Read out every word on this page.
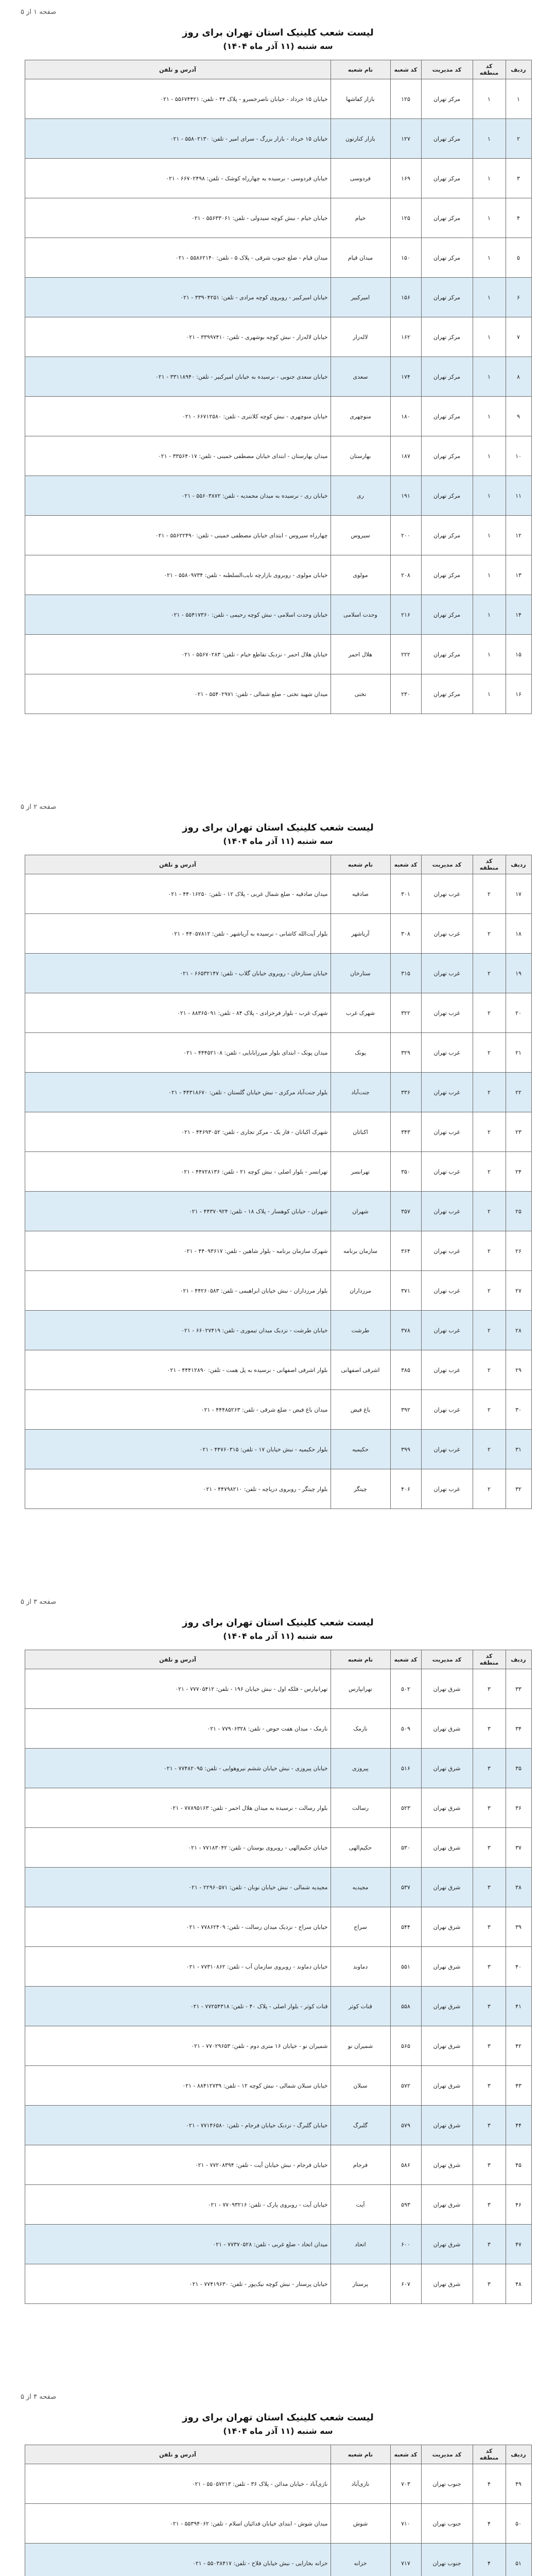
صفحه ۱ از ۵
لیست شعب کلینیک استان تهران برای روز
سه شنبه (۱۱ آذر ماه ۱۴۰۴)
ردیف	کد منطقه	کد مدیریت	کد شعبه	نام شعبه	آدرس و تلفن
۱	۱	مرکز تهران	۱۲۵	بازار کفاشها	خیابان ۱۵ خرداد - خیابان ناصرخسرو - پلاک ۴۴ - تلفن: ۵۵۶۷۴۴۲۱ - ۰۲۱
۲	۱	مرکز تهران	۱۲۷	بازار کنارتون	خیابان ۱۵ خرداد - بازار بزرگ - سرای امیر - تلفن: ۵۵۸۰۲۱۳۰ - ۰۲۱
۳	۱	مرکز تهران	۱۶۹	فردوسی	خیابان فردوسی - نرسیده به چهارراه کوشک - تلفن: ۶۶۷۰۲۴۹۸ - ۰۲۱
۴	۱	مرکز تهران	۱۲۵	خیام	خیابان خیام - نبش کوچه سیدولی - تلفن: ۵۵۶۳۳۰۶۱ - ۰۲۱
۵	۱	مرکز تهران	۱۵۰	میدان قیام	میدان قیام - ضلع جنوب شرقی - پلاک ۵ - تلفن: ۵۵۸۶۲۱۴۰ - ۰۲۱
۶	۱	مرکز تهران	۱۵۶	امیرکبیر	خیابان امیرکبیر - روبروی کوچه مرادی - تلفن: ۳۳۹۰۴۲۵۱ - ۰۲۱
۷	۱	مرکز تهران	۱۶۲	لاله‌زار	خیابان لاله‌زار - نبش کوچه بوشهری - تلفن: ۳۳۹۹۷۴۱۰ - ۰۲۱
۸	۱	مرکز تهران	۱۷۴	سعدی	خیابان سعدی جنوبی - نرسیده به خیابان امیرکبیر - تلفن: ۳۳۱۱۸۹۴۰ - ۰۲۱
۹	۱	مرکز تهران	۱۸۰	منوچهری	خیابان منوچهری - نبش کوچه کلانتری - تلفن: ۶۶۷۱۲۵۸۰ - ۰۲۱
۱۰	۱	مرکز تهران	۱۸۷	بهارستان	میدان بهارستان - ابتدای خیابان مصطفی خمینی - تلفن: ۳۳۵۶۴۰۱۷ - ۰۲۱
۱۱	۱	مرکز تهران	۱۹۱	ری	خیابان ری - نرسیده به میدان محمدیه - تلفن: ۵۵۶۰۳۸۷۲ - ۰۲۱
۱۲	۱	مرکز تهران	۲۰۰	سیروس	چهارراه سیروس - ابتدای خیابان مصطفی خمینی - تلفن: ۵۵۶۲۲۴۹۰ - ۰۲۱
۱۳	۱	مرکز تهران	۲۰۸	مولوی	خیابان مولوی - روبروی بازارچه نایب‌السلطنه - تلفن: ۵۵۸۰۹۷۳۴ - ۰۲۱
۱۴	۱	مرکز تهران	۲۱۶	وحدت اسلامی	خیابان وحدت اسلامی - نبش کوچه رحیمی - تلفن: ۵۵۴۱۷۳۶۰ - ۰۲۱
۱۵	۱	مرکز تهران	۲۲۲	هلال احمر	خیابان هلال احمر - نزدیک تقاطع خیام - تلفن: ۵۵۶۷۰۲۸۳ - ۰۲۱
۱۶	۱	مرکز تهران	۲۳۰	تختی	میدان شهید تختی - ضلع شمالی - تلفن: ۵۵۴۰۲۹۷۱ - ۰۲۱
صفحه ۲ از ۵
لیست شعب کلینیک استان تهران برای روز
سه شنبه (۱۱ آذر ماه ۱۴۰۴)
ردیف	کد منطقه	کد مدیریت	کد شعبه	نام شعبه	آدرس و تلفن
۱۷	۲	غرب تهران	۳۰۱	صادقیه	میدان صادقیه - ضلع شمال غربی - پلاک ۱۲ - تلفن: ۴۴۰۱۶۲۵۰ - ۰۲۱
۱۸	۲	غرب تهران	۳۰۸	آریاشهر	بلوار آیت‌الله کاشانی - نرسیده به آریاشهر - تلفن: ۴۴۰۵۷۸۱۲ - ۰۲۱
۱۹	۲	غرب تهران	۳۱۵	ستارخان	خیابان ستارخان - روبروی خیابان گلاب - تلفن: ۶۶۵۳۲۱۴۷ - ۰۲۱
۲۰	۲	غرب تهران	۳۲۲	شهرک غرب	شهرک غرب - بلوار فرحزادی - پلاک ۸۴ - تلفن: ۸۸۳۶۵۰۹۱ - ۰۲۱
۲۱	۲	غرب تهران	۳۲۹	پونک	میدان پونک - ابتدای بلوار میرزابابایی - تلفن: ۴۴۴۵۲۱۰۸ - ۰۲۱
۲۲	۲	غرب تهران	۳۳۶	جنت‌آباد	بلوار جنت‌آباد مرکزی - نبش خیابان گلستان - تلفن: ۴۴۳۱۸۶۷۰ - ۰۲۱
۲۳	۲	غرب تهران	۳۴۳	اکباتان	شهرک اکباتان - فاز یک - مرکز تجاری - تلفن: ۴۴۶۹۳۰۵۲ - ۰۲۱
۲۴	۲	غرب تهران	۳۵۰	تهرانسر	تهرانسر - بلوار اصلی - نبش کوچه ۲۱ - تلفن: ۴۴۷۲۸۱۳۶ - ۰۲۱
۲۵	۲	غرب تهران	۳۵۷	شهران	شهران - خیابان کوهسار - پلاک ۱۸ - تلفن: ۴۴۳۷۰۹۲۴ - ۰۲۱
۲۶	۲	غرب تهران	۳۶۴	سازمان برنامه	شهرک سازمان برنامه - بلوار شاهین - تلفن: ۴۴۰۹۳۶۱۷ - ۰۲۱
۲۷	۲	غرب تهران	۳۷۱	مرزداران	بلوار مرزداران - نبش خیابان ابراهیمی - تلفن: ۴۴۲۶۰۵۸۳ - ۰۲۱
۲۸	۲	غرب تهران	۳۷۸	طرشت	خیابان طرشت - نزدیک میدان تیموری - تلفن: ۶۶۰۲۷۴۱۹ - ۰۲۱
۲۹	۲	غرب تهران	۳۸۵	اشرفی اصفهانی	بلوار اشرفی اصفهانی - نرسیده به پل همت - تلفن: ۴۴۴۱۲۸۹۰ - ۰۲۱
۳۰	۲	غرب تهران	۳۹۲	باغ فیض	میدان باغ فیض - ضلع شرقی - تلفن: ۴۴۴۸۵۲۶۳ - ۰۲۱
۳۱	۲	غرب تهران	۳۹۹	حکیمیه	بلوار حکیمیه - نبش خیابان ۱۷ - تلفن: ۴۴۷۶۰۳۱۵ - ۰۲۱
۳۲	۲	غرب تهران	۴۰۶	چیتگر	بلوار چیتگر - روبروی دریاچه - تلفن: ۴۴۷۹۸۲۱۰ - ۰۲۱
صفحه ۳ از ۵
لیست شعب کلینیک استان تهران برای روز
سه شنبه (۱۱ آذر ماه ۱۴۰۴)
ردیف	کد منطقه	کد مدیریت	کد شعبه	نام شعبه	آدرس و تلفن
۳۳	۳	شرق تهران	۵۰۲	تهرانپارس	تهرانپارس - فلکه اول - نبش خیابان ۱۹۶ - تلفن: ۷۷۷۰۵۴۱۲ - ۰۲۱
۳۴	۳	شرق تهران	۵۰۹	نارمک	نارمک - میدان هفت حوض - تلفن: ۷۷۹۰۶۳۲۸ - ۰۲۱
۳۵	۳	شرق تهران	۵۱۶	پیروزی	خیابان پیروزی - نبش خیابان ششم نیروهوایی - تلفن: ۷۷۴۸۲۰۹۵ - ۰۲۱
۳۶	۳	شرق تهران	۵۲۳	رسالت	بلوار رسالت - نرسیده به میدان هلال احمر - تلفن: ۷۷۸۹۵۱۶۳ - ۰۲۱
۳۷	۳	شرق تهران	۵۳۰	حکیم‌الهی	خیابان حکیم‌الهی - روبروی بوستان - تلفن: ۷۷۱۸۳۰۴۲ - ۰۲۱
۳۸	۳	شرق تهران	۵۳۷	مجیدیه	مجیدیه شمالی - نبش خیابان نوبان - تلفن: ۲۲۹۶۰۵۷۱ - ۰۲۱
۳۹	۳	شرق تهران	۵۴۴	سراج	خیابان سراج - نزدیک میدان رسالت - تلفن: ۷۷۸۶۲۴۰۹ - ۰۲۱
۴۰	۳	شرق تهران	۵۵۱	دماوند	خیابان دماوند - روبروی سازمان آب - تلفن: ۷۷۳۱۰۸۶۲ - ۰۲۱
۴۱	۳	شرق تهران	۵۵۸	قنات کوثر	قنات کوثر - بلوار اصلی - پلاک ۴۰ - تلفن: ۷۷۲۵۴۳۱۸ - ۰۲۱
۴۲	۳	شرق تهران	۵۶۵	شمیران نو	شمیران نو - خیابان ۱۶ متری دوم - تلفن: ۷۷۰۲۹۶۵۳ - ۰۲۱
۴۳	۳	شرق تهران	۵۷۲	سبلان	خیابان سبلان شمالی - نبش کوچه ۱۲ - تلفن: ۸۸۴۱۲۷۳۹ - ۰۲۱
۴۴	۳	شرق تهران	۵۷۹	گلبرگ	خیابان گلبرگ - نزدیک خیابان فرجام - تلفن: ۷۷۱۴۶۵۸۰ - ۰۲۱
۴۵	۳	شرق تهران	۵۸۶	فرجام	خیابان فرجام - نبش خیابان آیت - تلفن: ۷۷۲۰۸۳۹۴ - ۰۲۱
۴۶	۳	شرق تهران	۵۹۳	آیت	خیابان آیت - روبروی پارک - تلفن: ۷۷۰۹۳۲۱۶ - ۰۲۱
۴۷	۳	شرق تهران	۶۰۰	اتحاد	میدان اتحاد - ضلع غربی - تلفن: ۷۷۳۷۰۵۲۸ - ۰۲۱
۴۸	۳	شرق تهران	۶۰۷	پرستار	خیابان پرستار - نبش کوچه نیک‌پور - تلفن: ۷۷۴۱۹۶۳۰ - ۰۲۱
صفحه ۴ از ۵
لیست شعب کلینیک استان تهران برای روز
سه شنبه (۱۱ آذر ماه ۱۴۰۴)
ردیف	کد منطقه	کد مدیریت	کد شعبه	نام شعبه	آدرس و تلفن
۴۹	۴	جنوب تهران	۷۰۳	نازی‌آباد	نازی‌آباد - خیابان مدائن - پلاک ۳۶ - تلفن: ۵۵۰۵۷۲۱۳ - ۰۲۱
۵۰	۴	جنوب تهران	۷۱۰	شوش	میدان شوش - ابتدای خیابان فدائیان اسلام - تلفن: ۵۵۳۹۴۰۶۲ - ۰۲۱
۵۱	۴	جنوب تهران	۷۱۷	خزانه	خزانه بخارایی - نبش خیابان فلاح - تلفن: ۵۵۰۳۸۴۱۷ - ۰۲۱
